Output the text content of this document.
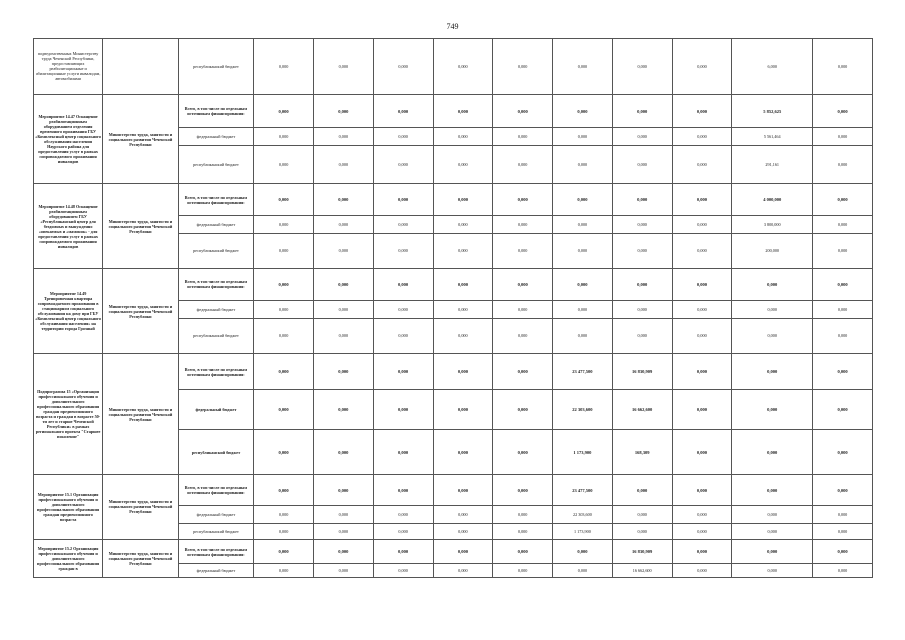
749
подведомственных Министерству труда Чеченской Республики, предоставляющих реабилитационные и абилитационные услуги инвалидам, автомобилями		республиканский бюджет	0,000	0,000	0,000	0,000	0,000	0,000	0,000	0,000	6,000	0,000
Мероприятие 14.47 Оснащение реабилитационным оборудованием отделения временного проживания ГБУ «Комплексный центр социального обслуживания населения Наурского района для предоставления услуг в рамках сопровождаемого проживания инвалидов	Министерство труда, занятости и социального развития Чеченской Республики	Всего, в том числе по отдельным источникам финансирования:	0,000	0,000	0,000	0,000	0,000	0,000	0,000	0,000	5 852,625	0,000
		федеральный бюджет	0,000	0,000	0,000	0,000	0,000	0,000	0,000	0,000	5 561,464	0,000
		республиканский бюджет	0,000	0,000	0,000	0,000	0,000	0,000	0,000	0,000	291,161	0,000
Мероприятие 14.48 Оснащение реабилитационным оборудованием ГБУ «Республиканский центр для бездомных и вынужденно «опекаемых и «мамонок» - для предоставления услуг в рамках сопровождаемого проживания инвалидов	Министерство труда, занятости и социального развития Чеченской Республики	Всего, в том числе по отдельным источникам финансирования:	0,000	0,000	0,000	0,000	0,000	0,000	0,000	0,000	4 000,000	0,000
		федеральный бюджет	0,000	0,000	0,000	0,000	0,000	0,000	0,000	0,000	3 800,000	0,000
		республиканский бюджет	0,000	0,000	0,000	0,000	0,000	0,000	0,000	0,000	200,000	0,000
Мероприятие 14.49 Тренировочная квартира сопровождаемого проживания в стационарном социального обслуживания на дому при ГБУ «Комплексный центр социального обслуживания населения» на территории города Грозный	Министерство труда, занятости и социального развития Чеченской Республики	Всего, в том числе по отдельным источникам финансирования:	0,000	0,000	0,000	0,000	0,000	0,000	0,000	0,000	0,000	0,000
		федеральный бюджет	0,000	0,000	0,000	0,000	0,000	0,000	0,000	0,000	0,000	0,000
		республиканский бюджет	0,000	0,000	0,000	0,000	0,000	0,000	0,000	0,000	0,000	0,000
Подпрограмма 15 «Организация профессионального обучения и дополнительного профессионального образования граждан предпенсионного возраста и граждан в возрасте 50-ти лет и старше Чеченской Республики» в рамках регионального проекта "Старшее поколение"	Министерство труда, занятости и социального развития Чеченской Республики	Всего, в том числе по отдельным источникам финансирования:	0,000	0,000	0,000	0,000	0,000	23 477,500	16 830,909	0,000	0,000	0,000
		федеральный бюджет	0,000	0,000	0,000	0,000	0,000	22 303,600	16 662,600	0,000	0,000	0,000
		республиканский бюджет	0,000	0,000	0,000	0,000	0,000	1 173,900	168,309	0,000	0,000	0,000
Мероприятие 15.1 Организация профессионального обучения и дополнительного профессионального образования граждан предпенсионного возраста	Министерство труда, занятости и социального развития Чеченской Республики	Всего, в том числе по отдельным источникам финансирования:	0,000	0,000	0,000	0,000	0,000	23 477,500	0,000	0,000	0,000	0,000
		федеральный бюджет	0,000	0,000	0,000	0,000	0,000	22 303,600	0,000	0,000	0,000	0,000
		республиканский бюджет	0,000	0,000	0,000	0,000	0,000	1 173,900	0,000	0,000	0,000	0,000
Мероприятие 15.2 Организация профессионального обучения и дополнительного профессионального образования граждан в	Министерство труда, занятости и социального развития Чеченской Республики	Всего, в том числе по отдельным источникам финансирования:	0,000	0,000	0,000	0,000	0,000	0,000	16 830,909	0,000	0,000	0,000
		федеральный бюджет	0,000	0,000	0,000	0,000	0,000	0,000	16 662,600	0,000	0,000	0,000
